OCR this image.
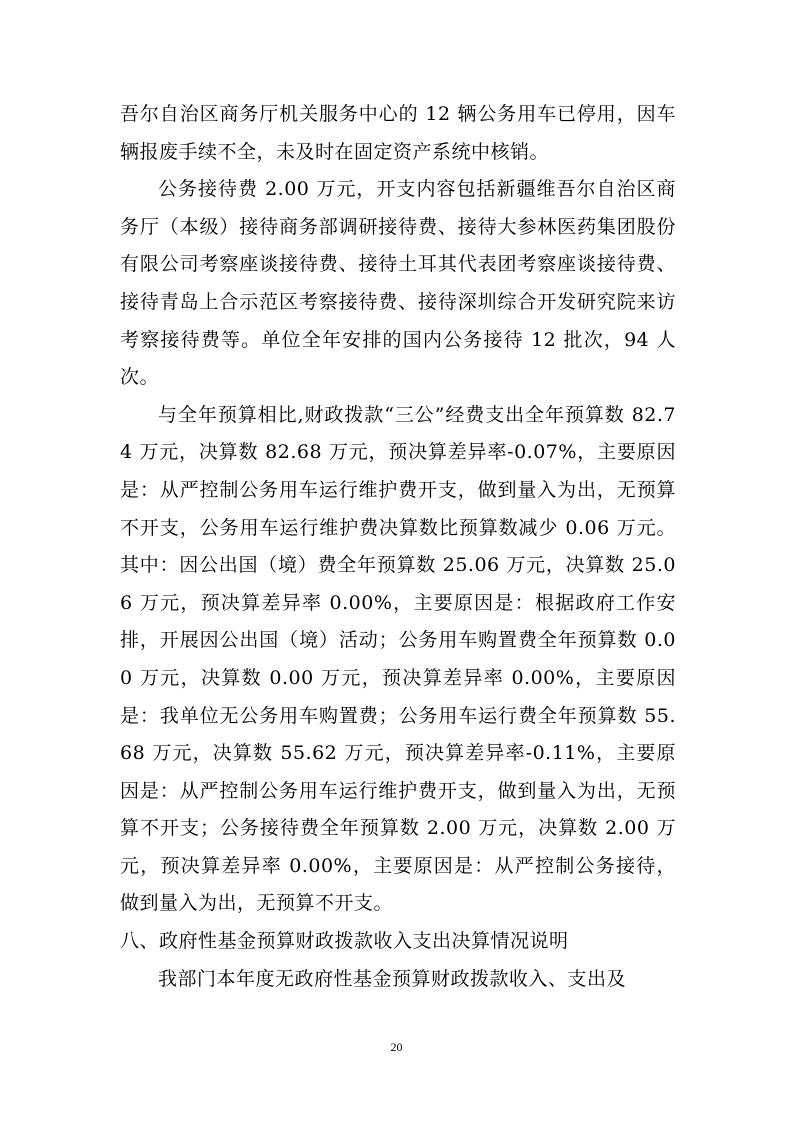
吾尔自治区商务厅机关服务中心的 12 辆公务用车已停用，因车辆报废手续不全，未及时在固定资产系统中核销。

公务接待费 2.00 万元，开支内容包括新疆维吾尔自治区商务厅（本级）接待商务部调研接待费、接待大参林医药集团股份有限公司考察座谈接待费、接待土耳其代表团考察座谈接待费、接待青岛上合示范区考察接待费、接待深圳综合开发研究院来访考察接待费等。单位全年安排的国内公务接待 12 批次，94 人次。

与全年预算相比,财政拨款“三公”经费支出全年预算数 82.74 万元，决算数 82.68 万元，预决算差异率-0.07%，主要原因是：从严控制公务用车运行维护费开支，做到量入为出，无预算不开支，公务用车运行维护费决算数比预算数减少 0.06 万元。其中：因公出国（境）费全年预算数 25.06 万元，决算数 25.06 万元，预决算差异率 0.00%，主要原因是：根据政府工作安排，开展因公出国（境）活动；公务用车购置费全年预算数 0.00 万元，决算数 0.00 万元，预决算差异率 0.00%，主要原因是：我单位无公务用车购置费；公务用车运行费全年预算数 55.68 万元，决算数 55.62 万元，预决算差异率-0.11%，主要原因是：从严控制公务用车运行维护费开支，做到量入为出，无预算不开支；公务接待费全年预算数 2.00 万元，决算数 2.00 万元，预决算差异率 0.00%，主要原因是：从严控制公务接待，做到量入为出，无预算不开支。

八、政府性基金预算财政拨款收入支出决算情况说明

我部门本年度无政府性基金预算财政拨款收入、支出及

20
